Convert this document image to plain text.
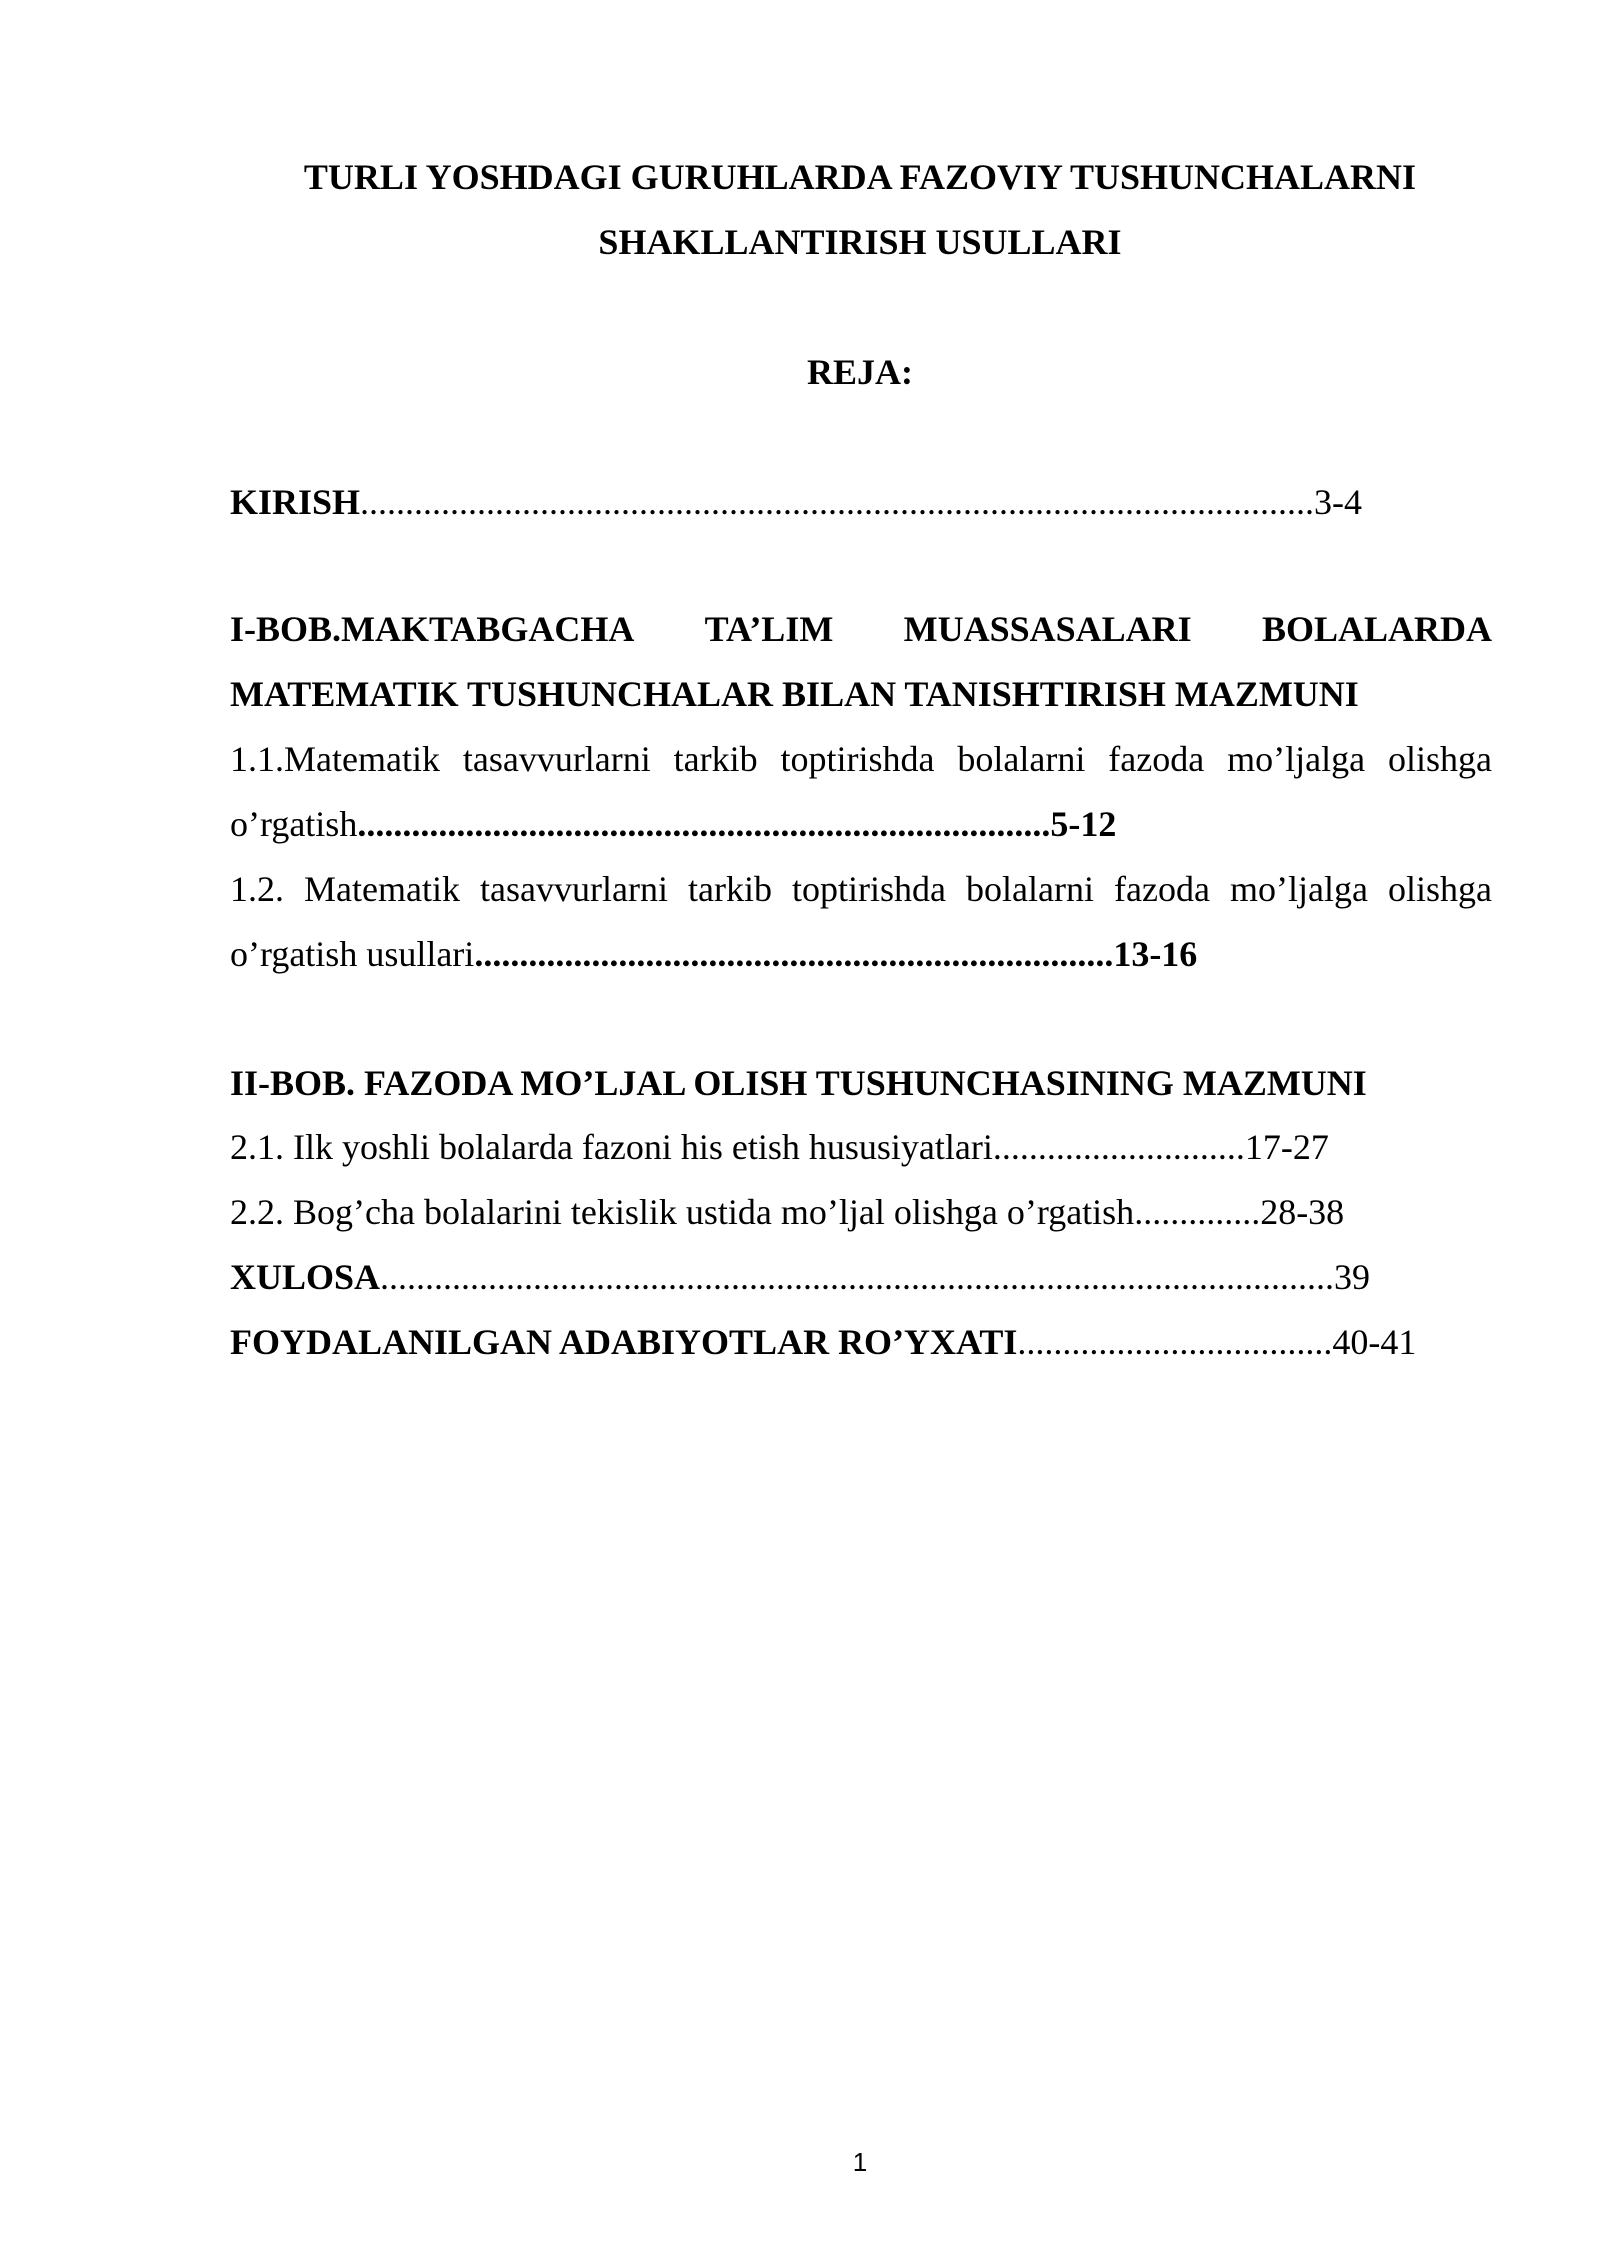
TURLI YOSHDAGI GURUHLARDA FAZOVIY TUSHUNCHALARNI
SHAKLLANTIRISH USULLARI
REJA:
KIRISH..........................................................................................................3-4
I-BOB.MAKTABGACHA TA’LIM MUASSASALARI BOLALARDA
MATEMATIK TUSHUNCHALAR BILAN TANISHTIRISH MAZMUNI
1.1.Matematik tasavvurlarni tarkib toptirishda bolalarni fazoda mo’ljalga olishga
o’rgatish.............................................................................5-12
1.2. Matematik tasavvurlarni tarkib toptirishda bolalarni fazoda mo’ljalga olishga
o’rgatish usullari.......................................................................13-16
II-BOB. FAZODA MO’LJAL OLISH TUSHUNCHASINING MAZMUNI
2.1. Ilk yoshli bolalarda fazoni his etish hususiyatlari............................17-27
2.2. Bog’cha bolalarini tekislik ustida mo’ljal olishga o’rgatish..............28-38
XULOSA..........................................................................................................39
FOYDALANILGAN ADABIYOTLAR RO’YXATI...................................40-41
1
